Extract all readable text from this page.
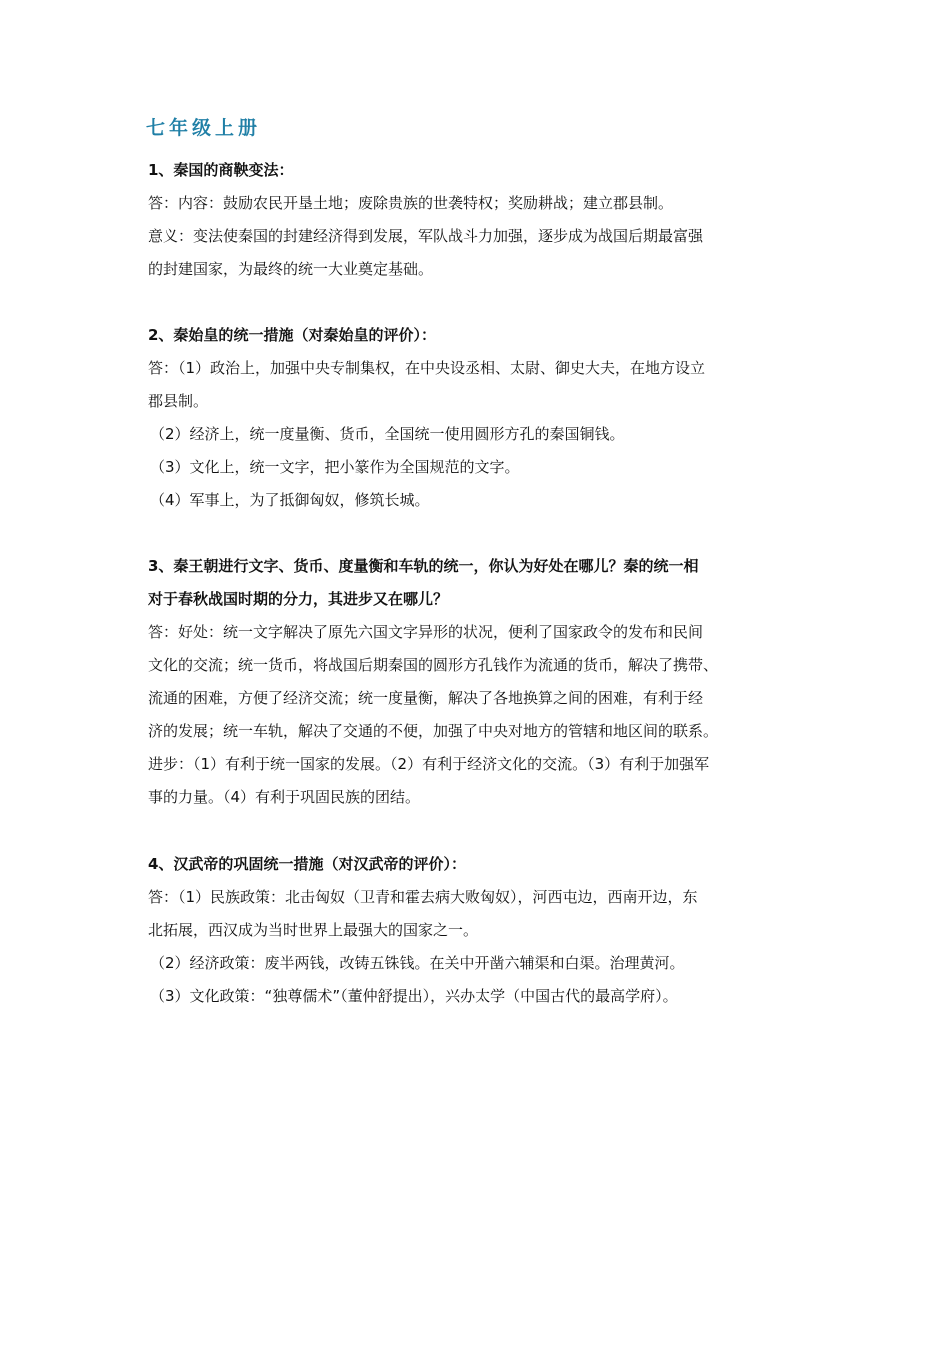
七年级上册

1、秦国的商鞅变法：

答：内容：鼓励农民开垦土地；废除贵族的世袭特权；奖励耕战；建立郡县制。

意义：变法使秦国的封建经济得到发展，军队战斗力加强，逐步成为战国后期最富强

的封建国家，为最终的统一大业奠定基础。

2、秦始皇的统一措施（对秦始皇的评价）：

答：（1）政治上，加强中央专制集权，在中央设丞相、太尉、御史大夫，在地方设立

郡县制。

（2）经济上，统一度量衡、货币，全国统一使用圆形方孔的秦国铜钱。

（3）文化上，统一文字，把小篆作为全国规范的文字。

（4）军事上，为了抵御匈奴，修筑长城。

3、秦王朝进行文字、货币、度量衡和车轨的统一，你认为好处在哪儿？秦的统一相

对于春秋战国时期的分力，其进步又在哪儿？

答：好处：统一文字解决了原先六国文字异形的状况，便利了国家政令的发布和民间

文化的交流；统一货币，将战国后期秦国的圆形方孔钱作为流通的货币，解决了携带、

流通的困难，方便了经济交流；统一度量衡，解决了各地换算之间的困难，有利于经

济的发展；统一车轨，解决了交通的不便，加强了中央对地方的管辖和地区间的联系。

进步：（1）有利于统一国家的发展。（2）有利于经济文化的交流。（3）有利于加强军

事的力量。（4）有利于巩固民族的团结。

4、汉武帝的巩固统一措施（对汉武帝的评价）：

答：（1）民族政策：北击匈奴（卫青和霍去病大败匈奴），河西屯边，西南开边，东

北拓展，西汉成为当时世界上最强大的国家之一。

（2）经济政策：废半两钱，改铸五铢钱。在关中开凿六辅渠和白渠。治理黄河。

（3）文化政策：“独尊儒术”（董仲舒提出），兴办太学（中国古代的最高学府）。
